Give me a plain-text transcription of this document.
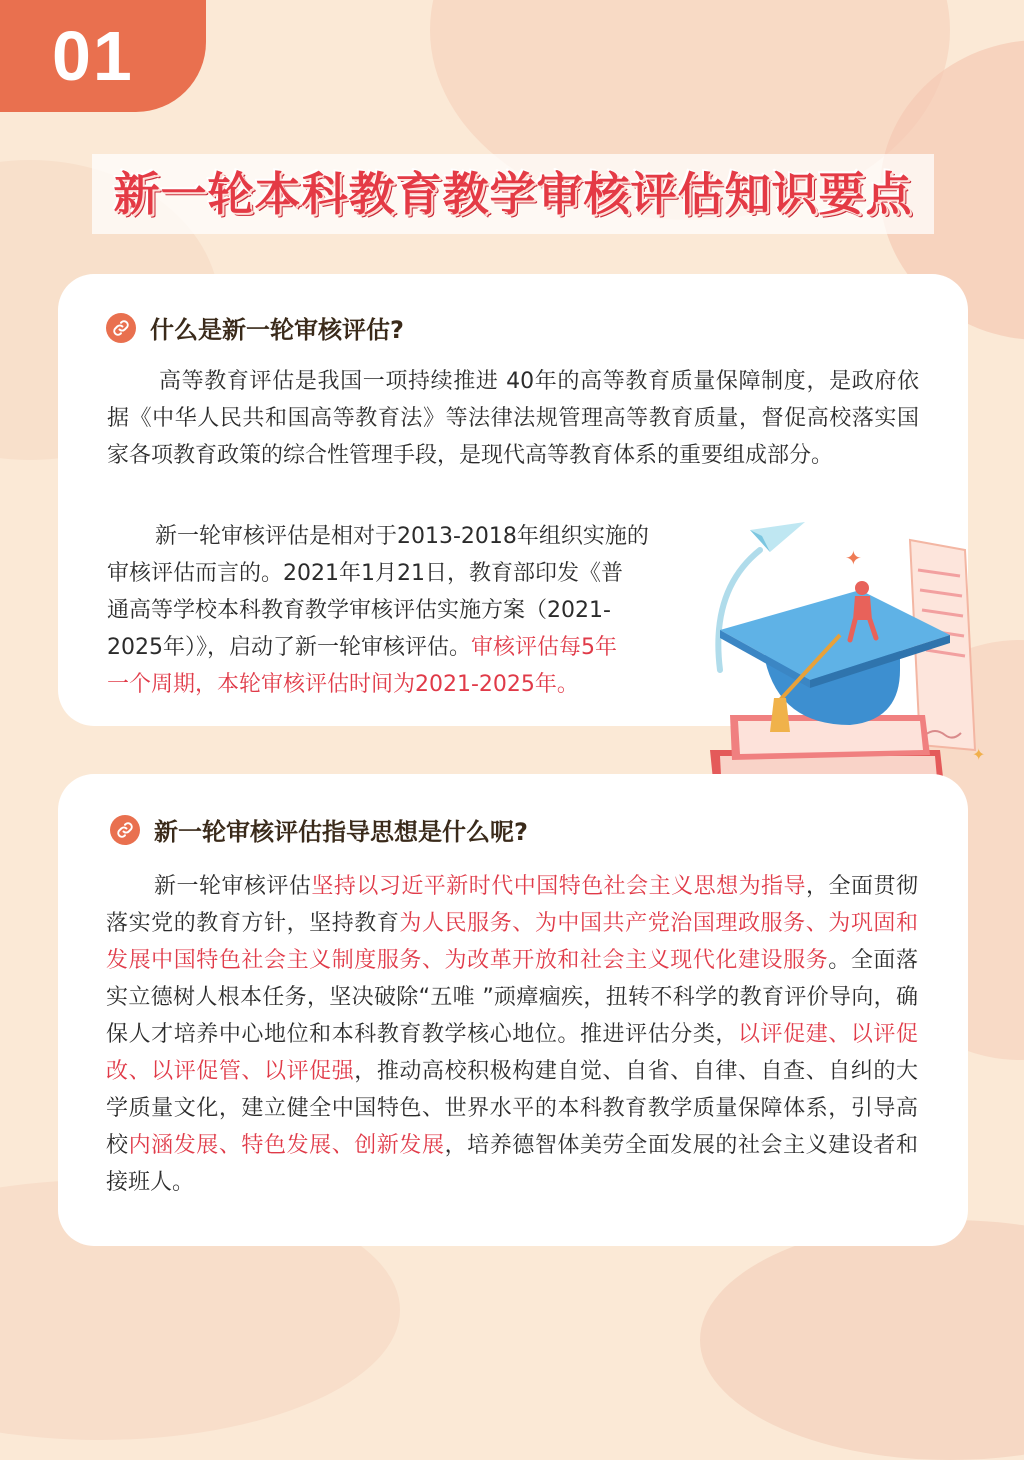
01
新一轮本科教育教学审核评估知识要点
什么是新一轮审核评估?
高等教育评估是我国一项持续推进 40年的高等教育质量保障制度，是政府依据《中华人民共和国高等教育法》等法律法规管理高等教育质量，督促高校落实国家各项教育政策的综合性管理手段，是现代高等教育体系的重要组成部分。
新一轮审核评估是相对于2013-2018年组织实施的
审核评估而言的。2021年1月21日，教育部印发《普
通高等学校本科教育教学审核评估实施方案（2021-
2025年）》，启动了新一轮审核评估。审核评估每5年
一个周期，本轮审核评估时间为2021-2025年。
✦
✦
新一轮审核评估指导思想是什么呢?
新一轮审核评估坚持以习近平新时代中国特色社会主义思想为指导，全面贯彻落实党的教育方针，坚持教育为人民服务、为中国共产党治国理政服务、为巩固和发展中国特色社会主义制度服务、为改革开放和社会主义现代化建设服务。全面落实立德树人根本任务，坚决破除“五唯 ”顽瘴痼疾，扭转不科学的教育评价导向，确保人才培养中心地位和本科教育教学核心地位。推进评估分类，以评促建、以评促改、以评促管、以评促强，推动高校积极构建自觉、自省、自律、自查、自纠的大学质量文化，建立健全中国特色、世界水平的本科教育教学质量保障体系，引导高校内涵发展、特色发展、创新发展，培养德智体美劳全面发展的社会主义建设者和接班人。
